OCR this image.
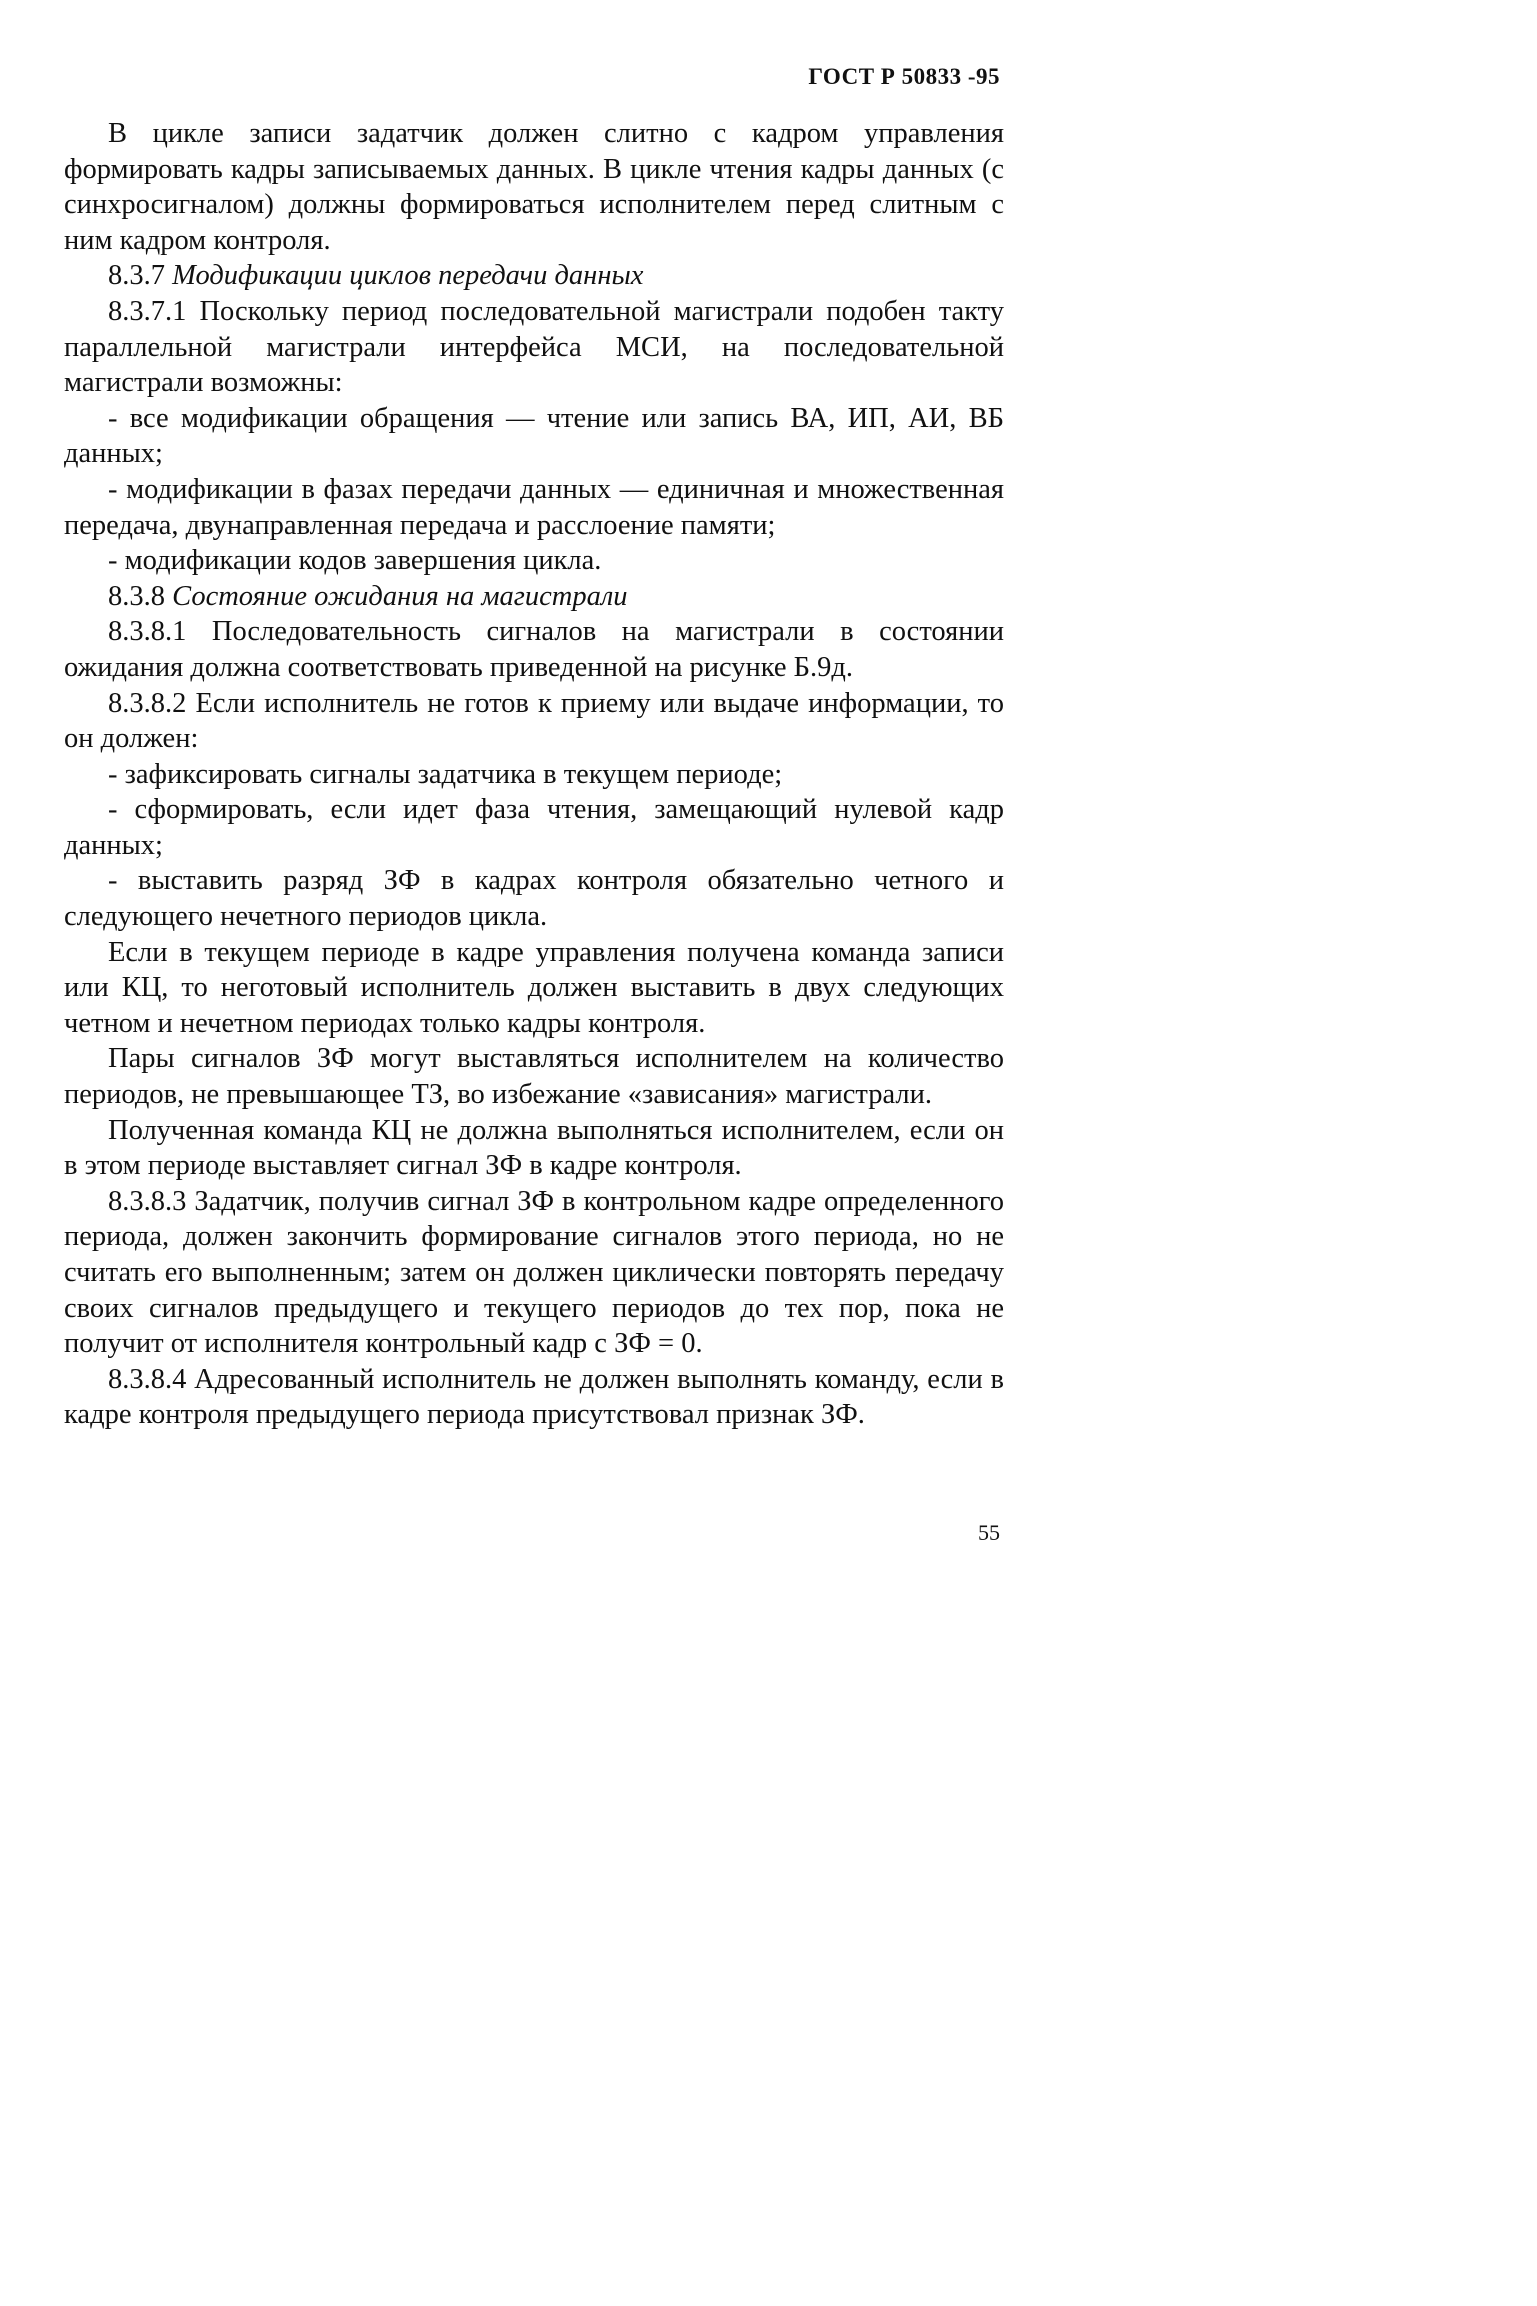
ГОСТ Р 50833 -95

В цикле записи задатчик должен слитно с кадром управления формировать кадры записываемых данных. В цикле чтения кадры данных (с синхросигналом) должны формироваться исполнителем перед слитным с ним кадром контроля.

8.3.7 Модификации циклов передачи данных

8.3.7.1 Поскольку период последовательной магистрали подобен такту параллельной магистрали интерфейса МСИ, на последовательной магистрали возможны:

- все модификации обращения — чтение или запись ВА, ИП, АИ, ВБ данных;

- модификации в фазах передачи данных — единичная и множественная передача, двунаправленная передача и расслоение памяти;

- модификации кодов завершения цикла.

8.3.8 Состояние ожидания на магистрали

8.3.8.1 Последовательность сигналов на магистрали в состоянии ожидания должна соответствовать приведенной на рисунке Б.9д.

8.3.8.2 Если исполнитель не готов к приему или выдаче информации, то он должен:

- зафиксировать сигналы задатчика в текущем периоде;

- сформировать, если идет фаза чтения, замещающий нулевой кадр данных;

- выставить разряд ЗФ в кадрах контроля обязательно четного и следующего нечетного периодов цикла.

Если в текущем периоде в кадре управления получена команда записи или КЦ, то неготовый исполнитель должен выставить в двух следующих четном и нечетном периодах только кадры контроля.

Пары сигналов ЗФ могут выставляться исполнителем на количество периодов, не превышающее ТЗ, во избежание «зависания» магистрали.

Полученная команда КЦ не должна выполняться исполнителем, если он в этом периоде выставляет сигнал ЗФ в кадре контроля.

8.3.8.3 Задатчик, получив сигнал ЗФ в контрольном кадре определенного периода, должен закончить формирование сигналов этого периода, но не считать его выполненным; затем он должен циклически повторять передачу своих сигналов предыдущего и текущего периодов до тех пор, пока не получит от исполнителя контрольный кадр с ЗФ = 0.

8.3.8.4 Адресованный исполнитель не должен выполнять команду, если в кадре контроля предыдущего периода присутствовал признак ЗФ.

55
